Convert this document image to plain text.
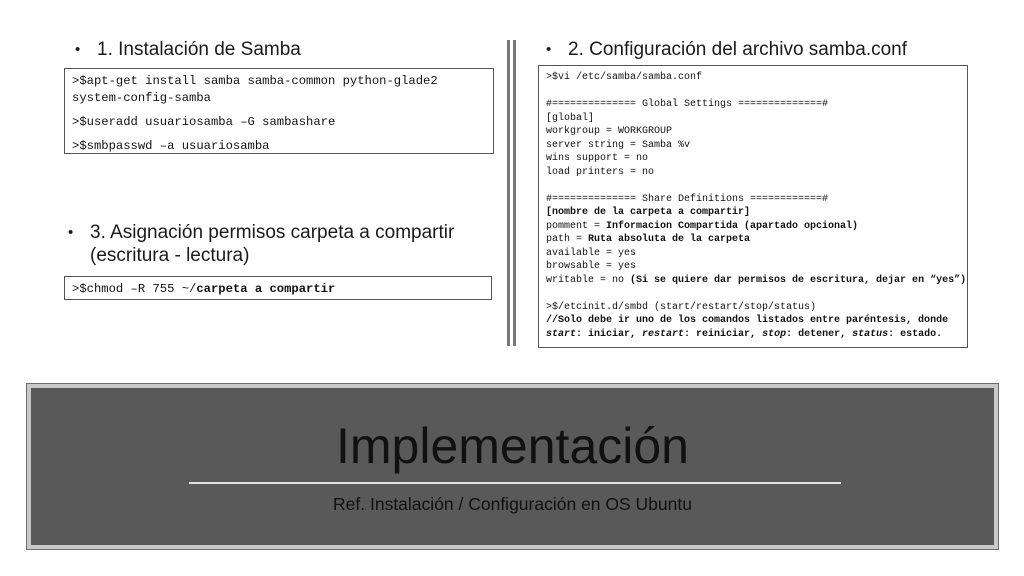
• 1. Instalación de Samba

>$apt-get install samba samba-common python-glade2 system-config-samba

>$useradd usuariosamba –G sambashare

>$smbpasswd –a usuariosamba

• 3. Asignación permisos carpeta a compartir (escritura - lectura)

>$chmod –R 755 ~/carpeta a compartir

• 2. Configuración del archivo samba.conf

>$vi /etc/samba/samba.conf

#============== Global Settings ==============#

[global]

workgroup = WORKGROUP

server string = Samba %v

wins support = no

load printers = no

#============== Share Definitions ============#

[nombre de la carpeta a compartir]

pomment = Informacion Compartida (apartado opcional)

path = Ruta absoluta de la carpeta

available = yes

browsable = yes

writable = no (Si se quiere dar permisos de escritura, dejar en “yes”)

>$/etcinit.d/smbd (start/restart/stop/status)

//Solo debe ir uno de los comandos listados entre paréntesis, donde

start: iniciar, restart: reiniciar, stop: detener, status: estado.

Implementación
Ref. Instalación / Configuración en OS Ubuntu
